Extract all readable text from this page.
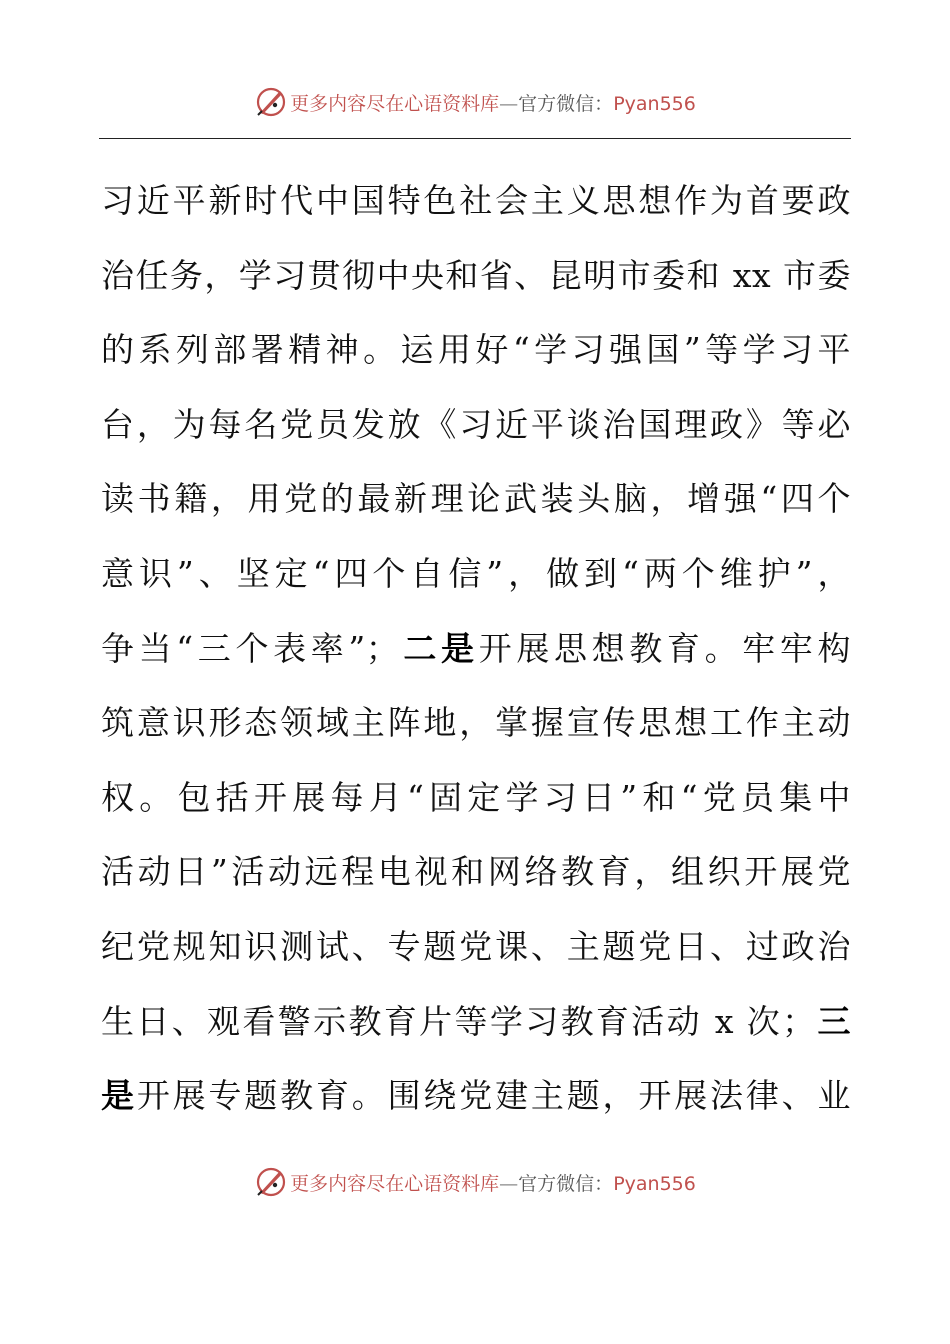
更多内容尽在心语资料库—官方微信：Pyan556
习近平新时代中国特色社会主义思想作为首要政
治任务，学习贯彻中央和省、昆明市委和 xx 市委
的系列部署精神。运用好“学习强国”等学习平
台，为每名党员发放《习近平谈治国理政》等必
读书籍，用党的最新理论武装头脑，增强“四个
意识”、坚定“四个自信”，做到“两个维护”，
争当“三个表率”；二是开展思想教育。牢牢构
筑意识形态领域主阵地，掌握宣传思想工作主动
权。包括开展每月“固定学习日”和“党员集中
活动日”活动远程电视和网络教育，组织开展党
纪党规知识测试、专题党课、主题党日、过政治
生日、观看警示教育片等学习教育活动 x 次；三
是开展专题教育。围绕党建主题，开展法律、业
更多内容尽在心语资料库—官方微信：Pyan556
